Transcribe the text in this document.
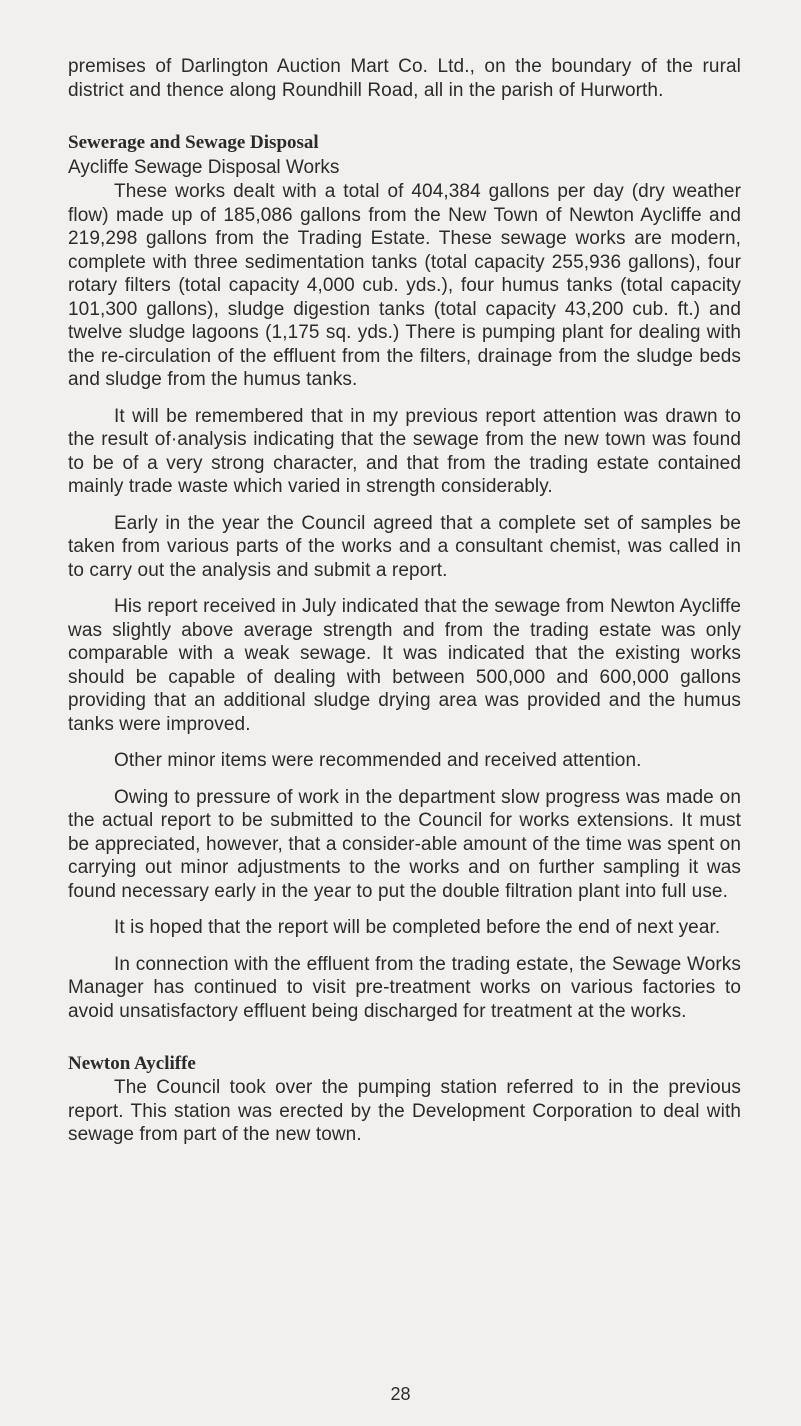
premises of Darlington Auction Mart Co. Ltd., on the boundary of the rural district and thence along Roundhill Road, all in the parish of Hurworth.

Sewerage and Sewage Disposal
Aycliffe Sewage Disposal Works

These works dealt with a total of 404,384 gallons per day (dry weather flow) made up of 185,086 gallons from the New Town of Newton Aycliffe and 219,298 gallons from the Trading Estate. These sewage works are modern, complete with three sedimentation tanks (total capacity 255,936 gallons), four rotary filters (total capacity 4,000 cub. yds.), four humus tanks (total capacity 101,300 gallons), sludge digestion tanks (total capacity 43,200 cub. ft.) and twelve sludge lagoons (1,175 sq. yds.) There is pumping plant for dealing with the re-circulation of the effluent from the filters, drainage from the sludge beds and sludge from the humus tanks.

It will be remembered that in my previous report attention was drawn to the result of·analysis indicating that the sewage from the new town was found to be of a very strong character, and that from the trading estate contained mainly trade waste which varied in strength considerably.

Early in the year the Council agreed that a complete set of samples be taken from various parts of the works and a consultant chemist, was called in to carry out the analysis and submit a report.

His report received in July indicated that the sewage from Newton Aycliffe was slightly above average strength and from the trading estate was only comparable with a weak sewage. It was indicated that the existing works should be capable of dealing with between 500,000 and 600,000 gallons providing that an additional sludge drying area was provided and the humus tanks were improved.

Other minor items were recommended and received attention.

Owing to pressure of work in the department slow progress was made on the actual report to be submitted to the Council for works extensions. It must be appreciated, however, that a consider-able amount of the time was spent on carrying out minor adjustments to the works and on further sampling it was found necessary early in the year to put the double filtration plant into full use.

It is hoped that the report will be completed before the end of next year.

In connection with the effluent from the trading estate, the Sewage Works Manager has continued to visit pre-treatment works on various factories to avoid unsatisfactory effluent being discharged for treatment at the works.

Newton Aycliffe

The Council took over the pumping station referred to in the previous report. This station was erected by the Development Corporation to deal with sewage from part of the new town.

28
